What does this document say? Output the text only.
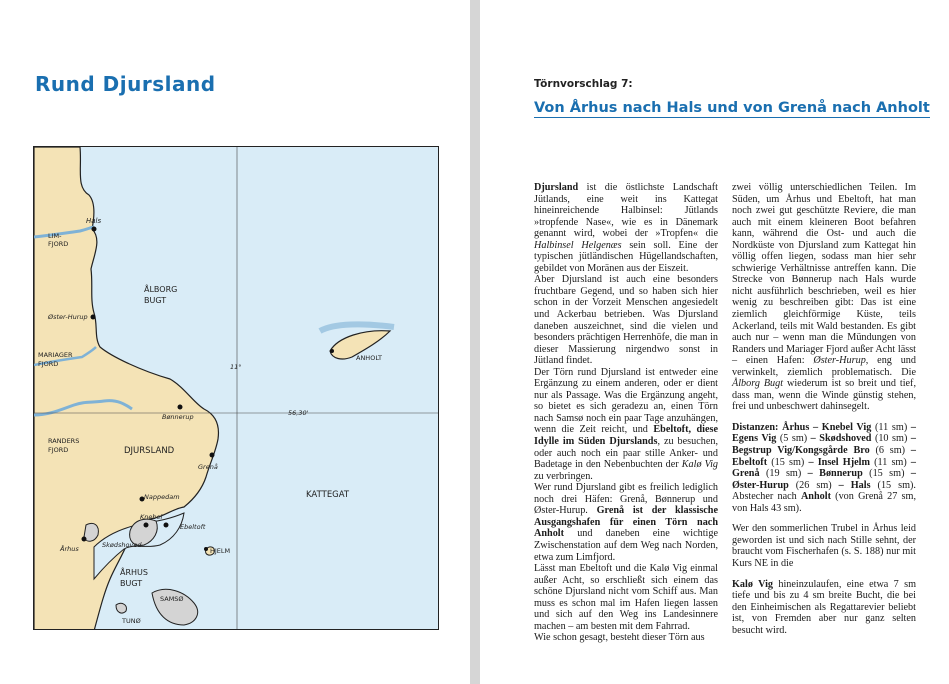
Rund Djursland
Hals
LIM-
FJORD
ÅLBORG
BUGT
Øster-Hurup
MARIAGER
FJORD
ANHOLT
11°
56,30'
Bønnerup
RANDERS
FJORD	DJURSLAND
Grenå
KATTEGAT
Nappedam
Knebel
Ebeltoft
Århus	Skødshoved
HJELM
ÅRHUS
BUGT
SAMSØ
TUNØ
Törnvorschlag 7:
Von Århus nach Hals und von Grenå nach Anholt

Djursland ist die östlichste Landschaft Jütlands, eine weit ins Kattegat hineinreichende Halbinsel: Jütlands »tropfende Nase«, wie es in Dänemark genannt wird, wobei der »Tropfen« die Halbinsel Helgenæs sein soll. Eine der typischen jütländischen Hügellandschaften, gebildet von Moränen aus der Eiszeit.

Aber Djursland ist auch eine besonders fruchtbare Gegend, und so haben sich hier schon in der Vorzeit Menschen angesiedelt und Ackerbau betrieben. Was Djursland daneben auszeichnet, sind die vielen und besonders prächtigen Herrenhöfe, die man in dieser Massierung nirgendwo sonst in Jütland findet.

Der Törn rund Djursland ist entweder eine Ergänzung zu einem anderen, oder er dient nur als Passage. Was die Ergänzung angeht, so bietet es sich geradezu an, einen Törn nach Samsø noch ein paar Tage anzuhängen, wenn die Zeit reicht, und Ebeltoft, diese Idylle im Süden Djurslands, zu besuchen, oder auch noch ein paar stille Anker- und Badetage in den Nebenbuchten der Kalø Vig zu verbringen.

Wer rund Djursland gibt es freilich lediglich noch drei Häfen: Grenå, Bønnerup und Øster-Hurup. Grenå ist der klassische Ausgangshafen für einen Törn nach Anholt und daneben eine wichtige Zwischenstation auf dem Weg nach Norden, etwa zum Limfjord.

Lässt man Ebeltoft und die Kalø Vig einmal außer Acht, so erschließt sich einem das schöne Djursland nicht vom Schiff aus. Man muss es schon mal im Hafen liegen lassen und sich auf den Weg ins Landesinnere machen – am besten mit dem Fahrrad.

Wie schon gesagt, besteht dieser Törn aus

zwei völlig unterschiedlichen Teilen. Im Süden, um Århus und Ebeltoft, hat man noch zwei gut geschützte Reviere, die man auch mit einem kleineren Boot befahren kann, während die Ost- und auch die Nordküste von Djursland zum Kattegat hin völlig offen liegen, sodass man hier sehr schwierige Verhältnisse antreffen kann. Die Strecke von Bønnerup nach Hals wurde nicht ausführlich beschrieben, weil es hier wenig zu beschreiben gibt: Das ist eine ziemlich gleichförmige Küste, teils Ackerland, teils mit Wald bestanden. Es gibt auch nur – wenn man die Mündungen von Randers und Mariager Fjord außer Acht lässt – einen Hafen: Øster-Hurup, eng und verwinkelt, ziemlich problematisch. Die Ålborg Bugt wiederum ist so breit und tief, dass man, wenn die Winde günstig stehen, frei und unbeschwert dahinsegelt.

Distanzen: Århus – Knebel Vig (11 sm) – Egens Vig (5 sm) – Skødshoved (10 sm) – Begstrup Vig/Kongsgårde Bro (6 sm) – Ebeltoft (15 sm) – Insel Hjelm (11 sm) – Grenå (19 sm) – Bønnerup (15 sm) – Øster-Hurup (26 sm) – Hals (15 sm). Abstecher nach Anholt (von Grenå 27 sm, von Hals 43 sm).

Wer den sommerlichen Trubel in Århus leid geworden ist und sich nach Stille sehnt, der braucht vom Fischerhafen (s. S. 188) nur mit Kurs NE in die

Kalø Vig hineinzulaufen, eine etwa 7 sm tiefe und bis zu 4 sm breite Bucht, die bei den Einheimischen als Regattarevier beliebt ist, von Fremden aber nur ganz selten besucht wird.
